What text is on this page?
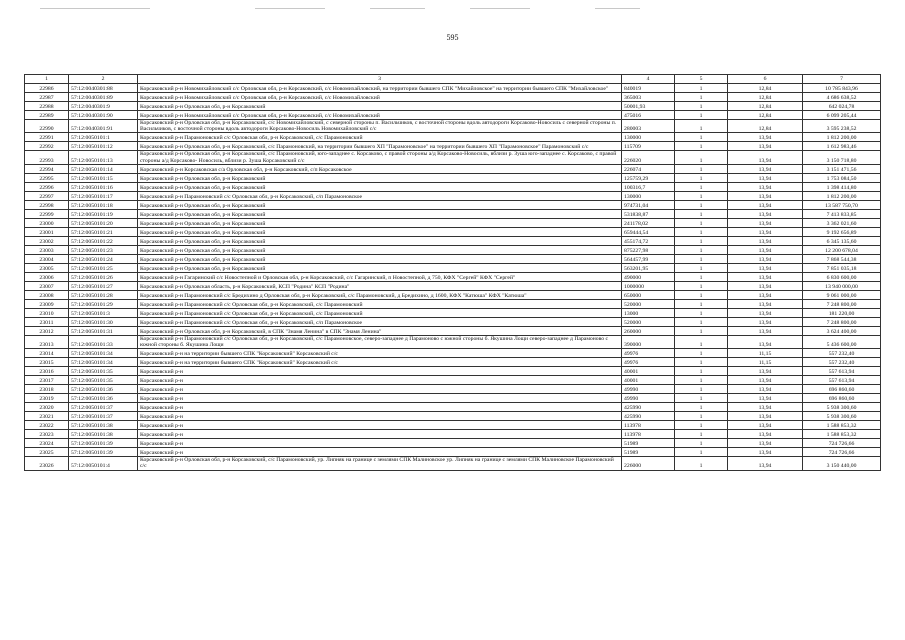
595
1	2	3	4	5	6	7
22986	57:12:0040301:88	Корсаковский р-н Новомихайловский с/с Орловская обл, р-н Корсаковский, с/с Новомихайловский, на территории бывшего СПК "Михайловское" на территории бывшего СПК "Михайловское"	840019	1	12,84	10 785 843,96
22987	57:12:0040301:89	Корсаковский р-н Новомихайловский с/с Орловская обл, р-н Корсаковский, с/с Новомихайловский	365003	1	12,84	4 686 638,52
22988	57:12:0040301:9	Корсаковский р-н Орловская обл, р-н Корсаковский	50001,93	1	12,84	642 024,78
22989	57:12:0040301:90	Корсаковский р-н Новомихайловский с/с Орловская обл, р-н Корсаковский, с/с Новомихайловский	475016	1	12,84	6 099 205,44
22990	57:12:0040301:91	Корсаковский р-н Орловская обл, р-н Корсаковский, с/с Новомихайловский, с северной стороны п. Васильчиков, с восточной стороны вдоль автодороги Корсаково-Новосиль с северной стороны п. Васильчиков, с восточной стороны вдоль автодороги Корсаково-Новосиль Новомихайловский с/с	280003	1	12,84	3 595 238,52
22991	57:12:0050101:1	Корсаковский р-н Парамоновский с/с Орловская обл, р-н Корсаковский, с/с Парамоновский	130000	1	13,94	1 812 200,00
22992	57:12:0050101:12	Корсаковский р-н Орловская обл, р-н Корсаковский, с/с Парамоновский, на территории бывшего ХП "Парамоновское" на территории бывшего ХП "Парамоновское" Парамоновский с/с	115709	1	13,94	1 612 983,46
22993	57:12:0050101:13	Корсаковский р-н Орловская обл, р-н Корсаковский, с/с Парамоновский, юго-западнее с. Корсаково, с правой стороны а/д Корсаково-Новосиль, вблизи р. Зуша юго-западнее с. Корсаково, с правой стороны а/д Корсаково- Новосиль, вблизи р. Зуша Корсаковский с/с	226020	1	13,94	3 150 718,80
22994	57:12:0050101:14	Корсаковский р-н Корсаковская с/а Орловская обл, р-н Корсаковский, с/п Корсаковское	226074	1	13,94	3 151 471,56
22995	57:12:0050101:15	Корсаковский р-н Орловская обл, р-н Корсаковский	125759,29	1	13,94	1 753 084,50
22996	57:12:0050101:16	Корсаковский р-н Орловская обл, р-н Корсаковский	100316,7	1	13,94	1 398 414,80
22997	57:12:0050101:17	Корсаковский р-н Парамоновский с/с Орловская обл, р-н Корсаковский, с/п Парамоновское	130000	1	13,94	1 812 200,00
22998	57:12:0050101:18	Корсаковский р-н Орловская обл, р-н Корсаковский	974731,04	1	13,94	13 587 750,70
22999	57:12:0050101:19	Корсаковский р-н Орловская обл, р-н Корсаковский	531838,87	1	13,94	7 413 833,85
23000	57:12:0050101:20	Корсаковский р-н Орловская обл, р-н Корсаковский	241178,02	1	13,94	3 362 021,60
23001	57:12:0050101:21	Корсаковский р-н Орловская обл, р-н Корсаковский	659444,54	1	13,94	9 192 656,89
23002	57:12:0050101:22	Корсаковский р-н Орловская обл, р-н Корсаковский	455174,72	1	13,94	6 345 135,60
23003	57:12:0050101:23	Корсаковский р-н Орловская обл, р-н Корсаковский	875227,98	1	13,94	12 200 678,04
23004	57:12:0050101:24	Корсаковский р-н Орловская обл, р-н Корсаковский	564457,99	1	13,94	7 868 544,38
23005	57:12:0050101:25	Корсаковский р-н Орловская обл, р-н Корсаковский	563201,95	1	13,94	7 851 035,18
23006	57:12:0050101:26	Корсаковский р-н Гагаринский с/с Новостепной и Орловская обл, р-н Корсаковский, с/с Гагаринский, п Новостепной, д 750, КФХ "Сергей" КФХ "Сергей"	490000	1	13,94	6 830 600,00
23007	57:12:0050101:27	Корсаковский р-н Орловская область, р-н Корсаковский, КСП "Родина" КСП "Родина"	1000000	1	13,94	13 940 000,00
23008	57:12:0050101:28	Корсаковский р-н Парамоновский с/с Бредихино д Орловская обл, р-н Корсаковский, с/с Парамоновский, д Бредихино, д 1600, КФХ "Катюша" КФХ "Катюша"	650000	1	13,94	9 061 000,00
23009	57:12:0050101:29	Корсаковский р-н Парамоновский с/с Орловская обл, р-н Корсаковский, с/с Парамоновский	520000	1	13,94	7 248 800,00
23010	57:12:0050101:3	Корсаковский р-н Парамоновский с/с Орловская обл, р-н Корсаковский, с/с Парамоновский	13000	1	13,94	181 220,00
23011	57:12:0050101:30	Корсаковский р-н Парамоновский с/с Орловская обл, р-н Корсаковский, с/п Парамоновское	520000	1	13,94	7 248 800,00
23012	57:12:0050101:31	Корсаковский р-н Орловская обл, р-н Корсаковский, в СПК "Знамя Ленина" в СПК "Знамя Ленина"	260000	1	13,94	3 624 400,00
23013	57:12:0050101:33	Корсаковский р-н Парамоновский с/с Орловская обл, р-н Корсаковский, с/с Парамоновское, северо-западнее д Парамоново с южной стороны б. Якушина Лощи северо-западнее д Парамоново с южной стороны б. Якушина Лощи	390000	1	13,94	5 436 600,00
23014	57:12:0050101:34	Корсаковский р-н на территории бывшего СПК "Корсаковский" Корсаковский с/с	49976	1	11,15	557 232,40
23015	57:12:0050101:34	Корсаковский р-н на территории бывшего СПК "Корсаковский" Корсаковский с/с	49976	1	11,15	557 232,40
23016	57:12:0050101:35	Корсаковский р-н	40001	1	13,94	557 613,94
23017	57:12:0050101:35	Корсаковский р-н	40001	1	13,94	557 613,94
23018	57:12:0050101:36	Корсаковский р-н	49990	1	13,94	696 860,60
23019	57:12:0050101:36	Корсаковский р-н	49990	1	13,94	696 860,60
23020	57:12:0050101:37	Корсаковский р-н	425990	1	13,94	5 938 300,60
23021	57:12:0050101:37	Корсаковский р-н	425990	1	13,94	5 938 300,60
23022	57:12:0050101:38	Корсаковский р-н	113978	1	13,94	1 588 853,32
23023	57:12:0050101:38	Корсаковский р-н	113978	1	13,94	1 588 853,32
23024	57:12:0050101:39	Корсаковский р-н	51989	1	13,94	724 726,66
23025	57:12:0050101:39	Корсаковский р-н	51989	1	13,94	724 726,66
23026	57:12:0050101:4	Корсаковский р-н Орловская обл, р-н Корсаковский, с/с Парамоновский, ур. Липняк на границе с землями СПК Малиновское ур. Липняк на границе с землями СПК Малиновское Парамоновский с/с	226000	1	13,94	3 150 440,00
